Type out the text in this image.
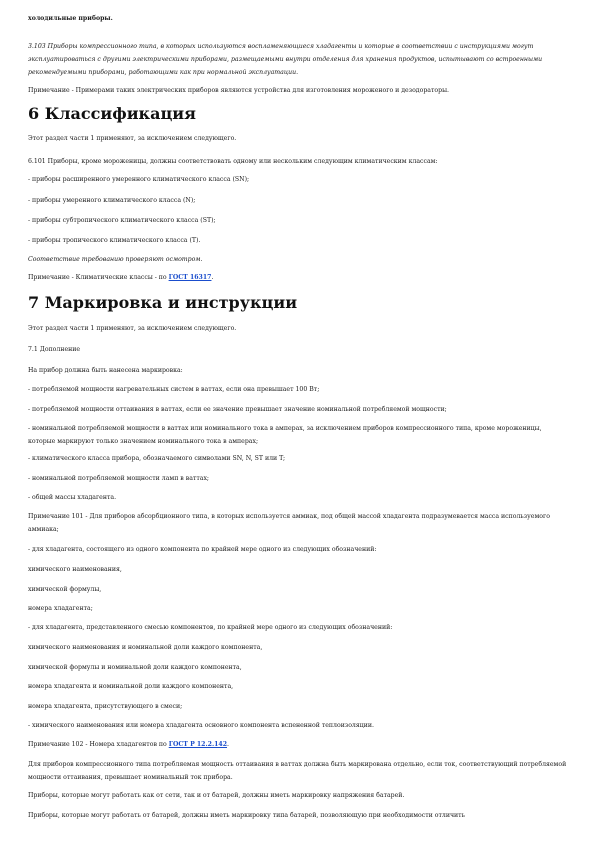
холодильные приборы.
3.103 Приборы компрессионного типа, в которых используются воспламеняющиеся хладагенты и которые в соответствии с инструкциями могут эксплуатироваться с другими электрическими приборами, размещаемыми внутри отделения для хранения продуктов, испытывают со встроенными рекомендуемыми приборами, работающими как при нормальной эксплуатации.
Примечание - Примерами таких электрических приборов являются устройства для изготовления мороженого и дезодораторы.
6 Классификация
Этот раздел части 1 применяют, за исключением следующего.
6.101 Приборы, кроме мороженицы, должны соответствовать одному или нескольким следующим климатическим классам:
- приборы расширенного умеренного климатического класса (SN);
- приборы умеренного климатического класса (N);
- приборы субтропического климатического класса (ST);
- приборы тропического климатического класса (T).
Соответствие требованию проверяют осмотром.
Примечание - Климатические классы - по ГОСТ 16317.
7 Маркировка и инструкции
Этот раздел части 1 применяют, за исключением следующего.
7.1 Дополнение
На прибор должна быть нанесена маркировка:
- потребляемой мощности нагревательных систем в ваттах, если она превышает 100 Вт;
- потребляемой мощности оттаивания в ваттах, если ее значение превышает значение номинальной потребляемой мощности;
- номинальной потребляемой мощности в ваттах или номинального тока в амперах, за исключением приборов компрессионного типа, кроме мороженицы, которые маркируют только значением номинального тока в амперах;
- климатического класса прибора, обозначаемого символами SN, N, ST или T;
- номинальной потребляемой мощности ламп в ваттах;
- общей массы хладагента.
Примечание 101 - Для приборов абсорбционного типа, в которых используется аммиак, под общей массой хладагента подразумевается масса используемого аммиака;
- для хладагента, состоящего из одного компонента по крайней мере одного из следующих обозначений:
химического наименования,
химической формулы,
номера хладагента;
- для хладагента, представленного смесью компонентов, по крайней мере одного из следующих обозначений:
химического наименования и номинальной доли каждого компонента,
химической формулы и номинальной доли каждого компонента,
номера хладагента и номинальной доли каждого компонента,
номера хладагента, присутствующего в смеси;
- химического наименования или номера хладагента основного компонента вспененной теплоизоляции.
Примечание 102 - Номера хладагентов по ГОСТ Р 12.2.142.
Для приборов компрессионного типа потребляемая мощность оттаивания в ваттах должна быть маркирована отдельно, если ток, соответствующий потребляемой мощности оттаивания, превышает номинальный ток прибора.
Приборы, которые могут работать как от сети, так и от батарей, должны иметь маркировку напряжения батарей.
Приборы, которые могут работать от батарей, должны иметь маркировку типа батарей, позволяющую при необходимости отличить
